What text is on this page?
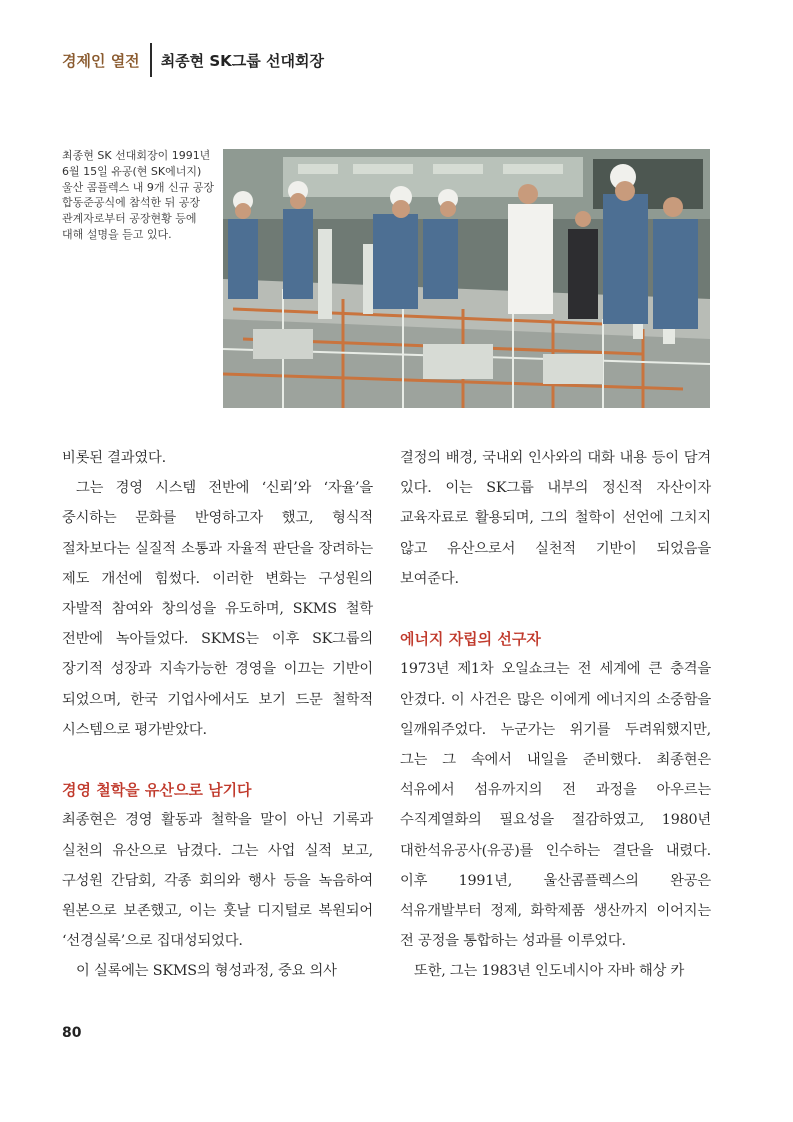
경제인 열전 최종현 SK그룹 선대회장
최종현 SK 선대회장이 1991년 6월 15일 유공(현 SK에너지) 울산 콤플렉스 내 9개 신규 공장 합동준공식에 참석한 뒤 공장 관계자로부터 공장현황 등에 대해 설명을 듣고 있다.

비롯된 결과였다.

그는 경영 시스템 전반에 ‘신뢰’와 ‘자율’을 중시하는 문화를 반영하고자 했고, 형식적 절차보다는 실질적 소통과 자율적 판단을 장려하는 제도 개선에 힘썼다. 이러한 변화는 구성원의 자발적 참여와 창의성을 유도하며, SKMS 철학 전반에 녹아들었다. SKMS는 이후 SK그룹의 장기적 성장과 지속가능한 경영을 이끄는 기반이 되었으며, 한국 기업사에서도 보기 드문 철학적 시스템으로 평가받았다.

경영 철학을 유산으로 남기다

최종현은 경영 활동과 철학을 말이 아닌 기록과 실천의 유산으로 남겼다. 그는 사업 실적 보고, 구성원 간담회, 각종 회의와 행사 등을 녹음하여 원본으로 보존했고, 이는 훗날 디지털로 복원되어 ‘선경실록’으로 집대성되었다.

이 실록에는 SKMS의 형성과정, 중요 의사

결정의 배경, 국내외 인사와의 대화 내용 등이 담겨 있다. 이는 SK그룹 내부의 정신적 자산이자 교육자료로 활용되며, 그의 철학이 선언에 그치지 않고 유산으로서 실천적 기반이 되었음을 보여준다.

에너지 자립의 선구자

1973년 제1차 오일쇼크는 전 세계에 큰 충격을 안겼다. 이 사건은 많은 이에게 에너지의 소중함을 일깨워주었다. 누군가는 위기를 두려워했지만, 그는 그 속에서 내일을 준비했다. 최종현은 석유에서 섬유까지의 전 과정을 아우르는 수직계열화의 필요성을 절감하였고, 1980년 대한석유공사(유공)를 인수하는 결단을 내렸다. 이후 1991년, 울산콤플렉스의 완공은 석유개발부터 정제, 화학제품 생산까지 이어지는 전 공정을 통합하는 성과를 이루었다.

또한, 그는 1983년 인도네시아 자바 해상 카

80
